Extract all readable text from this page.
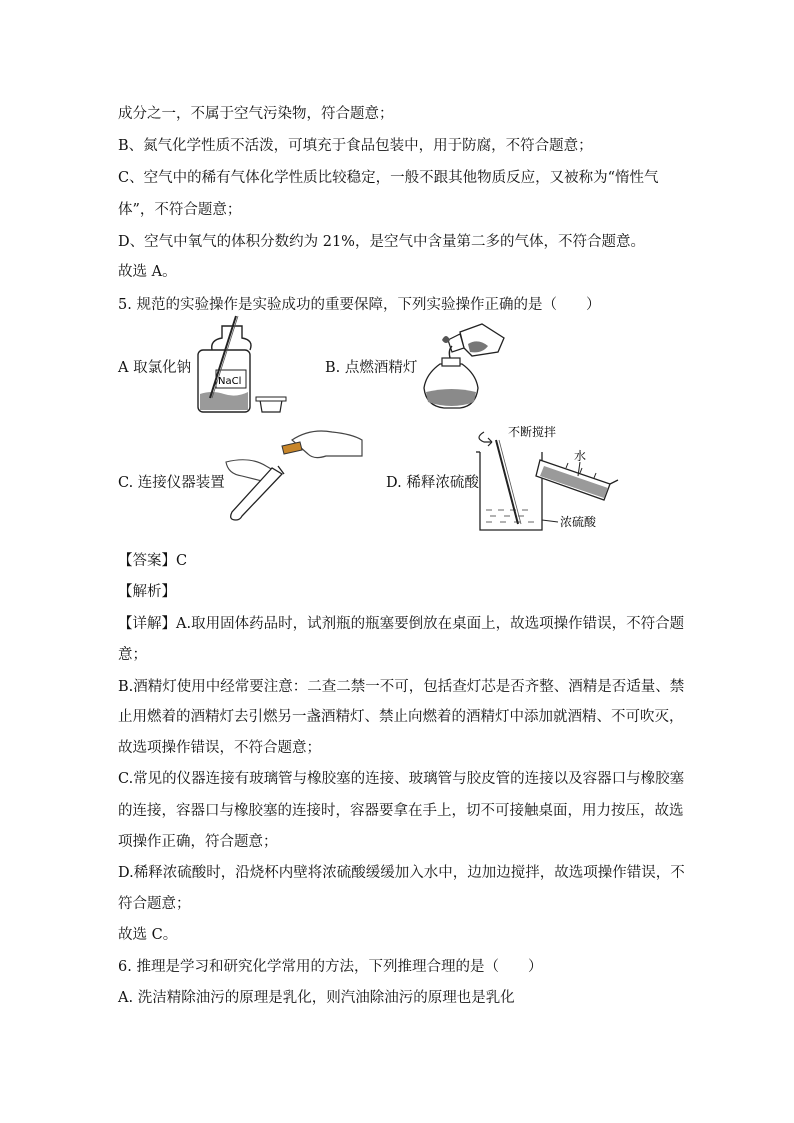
成分之一，不属于空气污染物，符合题意；
B、氮气化学性质不活泼，可填充于食品包装中，用于防腐，不符合题意；
C、空气中的稀有气体化学性质比较稳定，一般不跟其他物质反应，又被称为“惰性气
体”，不符合题意；
D、空气中氧气的体积分数约为 21%，是空气中含量第二多的气体，不符合题意。
故选 A。
5. 规范的实验操作是实验成功的重要保障，下列实验操作正确的是（　　）
A 取氯化钠	B. 点燃酒精灯
C. 连接仪器装置	D. 稀释浓硫酸
NaCl
不断搅拌
水
浓硫酸
【答案】C
【解析】
【详解】A.取用固体药品时，试剂瓶的瓶塞要倒放在桌面上，故选项操作错误，不符合题
意；
B.酒精灯使用中经常要注意：二查二禁一不可，包括查灯芯是否齐整、酒精是否适量、禁
止用燃着的酒精灯去引燃另一盏酒精灯、禁止向燃着的酒精灯中添加就酒精、不可吹灭，
故选项操作错误，不符合题意；
C.常见的仪器连接有玻璃管与橡胶塞的连接、玻璃管与胶皮管的连接以及容器口与橡胶塞
的连接，容器口与橡胶塞的连接时，容器要拿在手上，切不可接触桌面，用力按压，故选
项操作正确，符合题意；
D.稀释浓硫酸时，沿烧杯内壁将浓硫酸缓缓加入水中，边加边搅拌，故选项操作错误，不
符合题意；
故选 C。
6. 推理是学习和研究化学常用的方法，下列推理合理的是（　　）
A. 洗洁精除油污的原理是乳化，则汽油除油污的原理也是乳化
